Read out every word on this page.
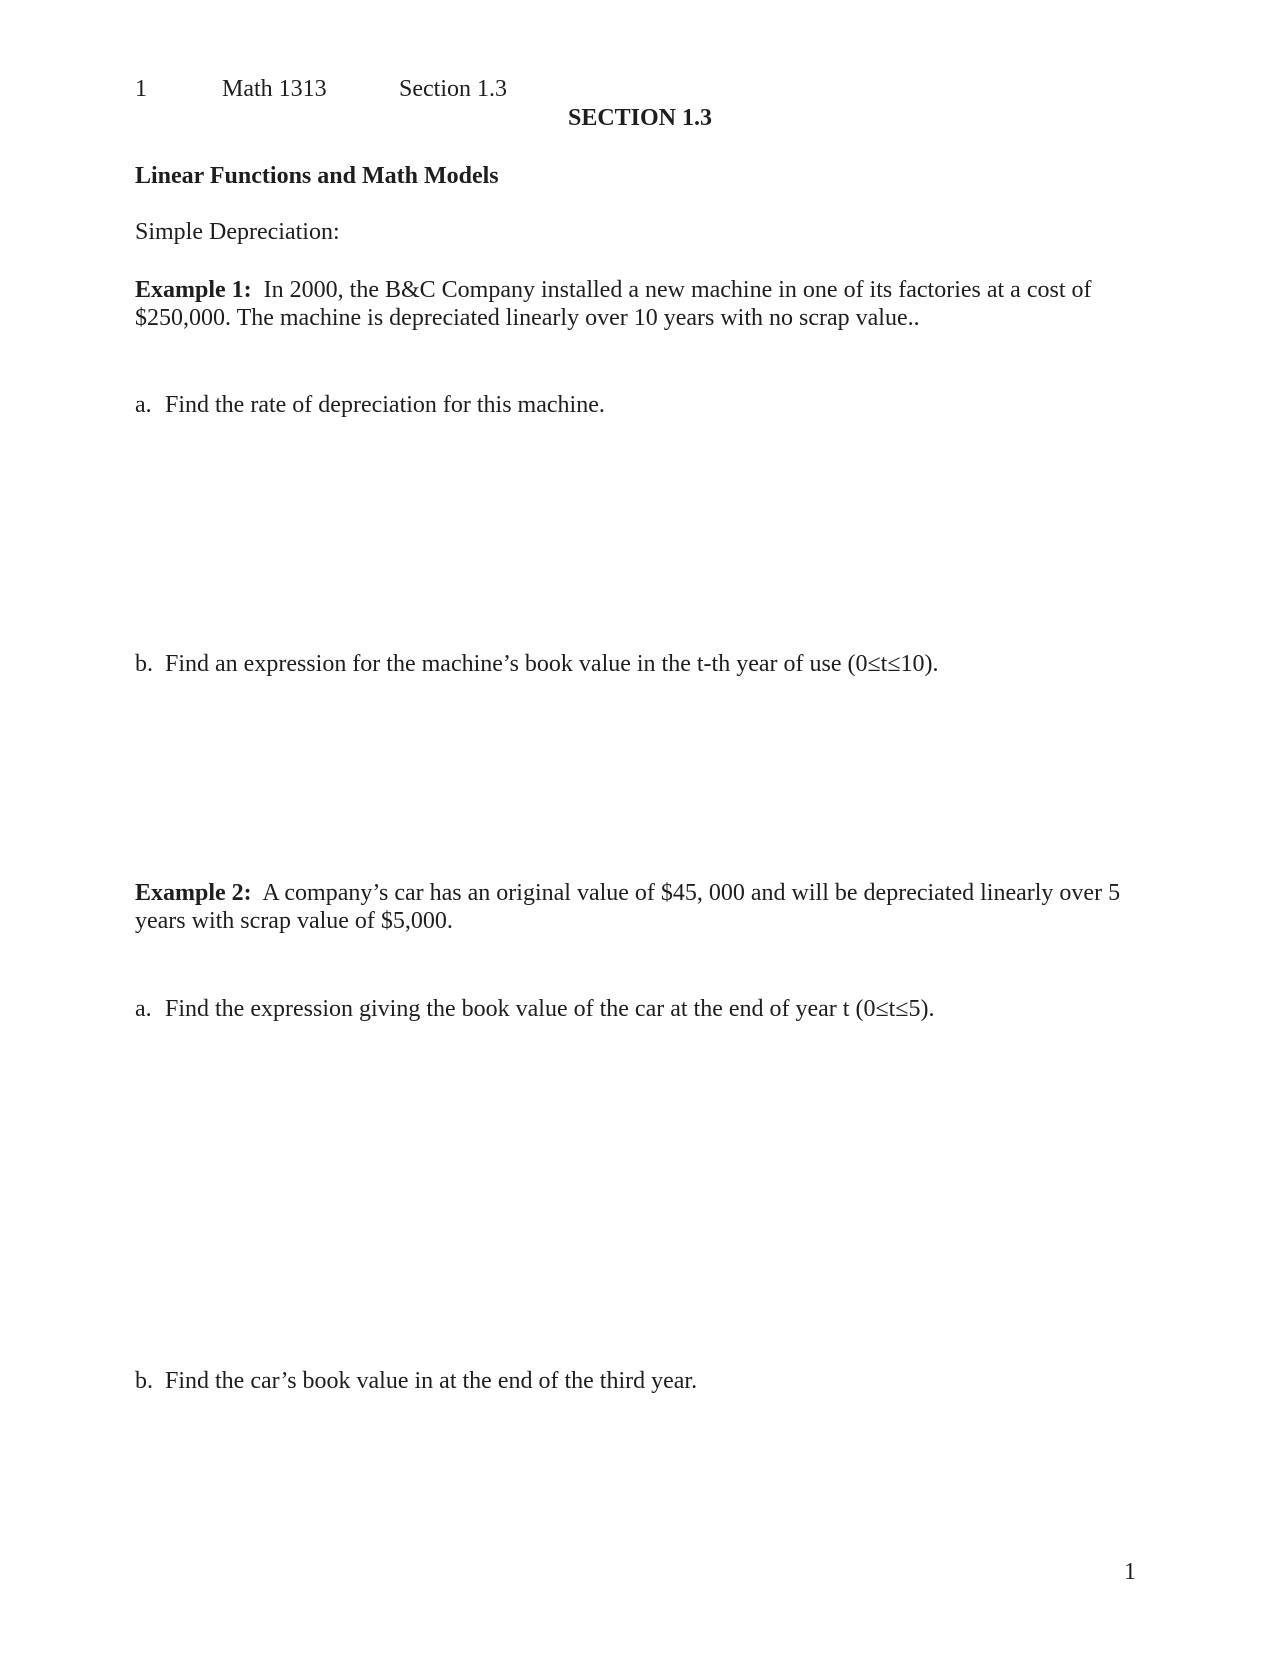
1	Math 1313	Section 1.3
SECTION 1.3
Linear Functions and Math Models
Simple Depreciation:
Example 1: In 2000, the B&C Company installed a new machine in one of its factories at a cost of $250,000. The machine is depreciated linearly over 10 years with no scrap value..
a. Find the rate of depreciation for this machine.
b. Find an expression for the machine’s book value in the t-th year of use (0≤t≤10).
Example 2: A company’s car has an original value of $45, 000 and will be depreciated linearly over 5 years with scrap value of $5,000.
a. Find the expression giving the book value of the car at the end of year t (0≤t≤5).
b. Find the car’s book value in at the end of the third year.
1
